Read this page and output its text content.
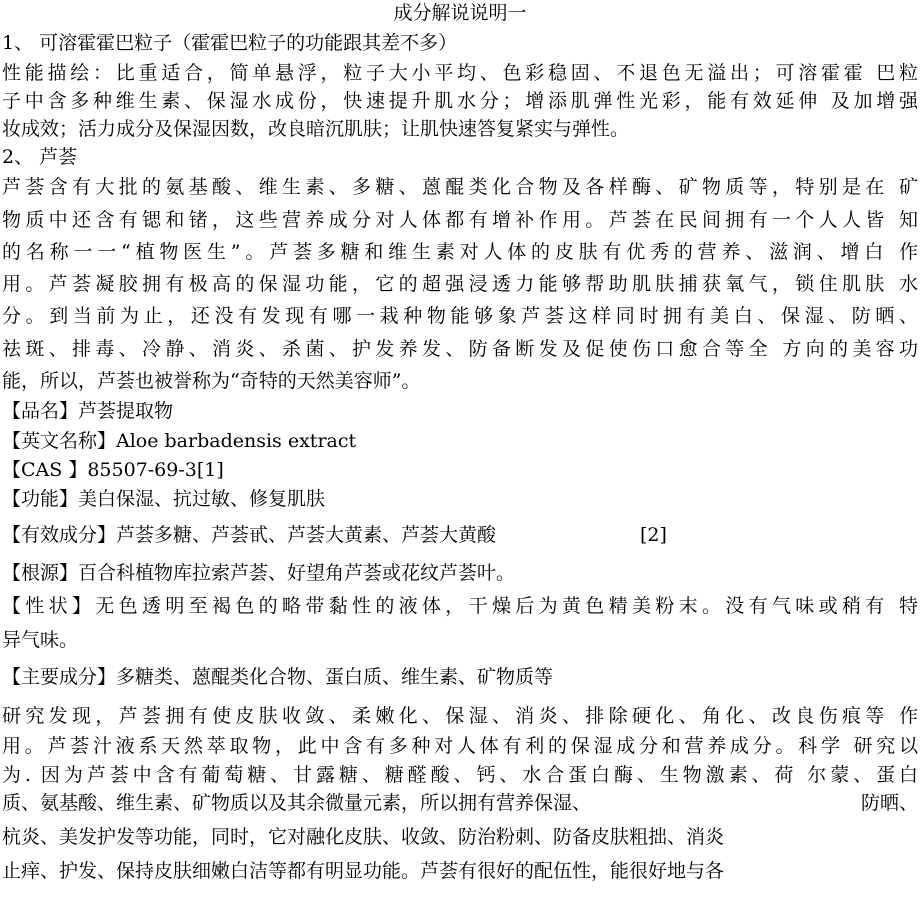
成分解说说明一
1、 可溶霍霍巴粒子（霍霍巴粒子的功能跟其差不多）
性能描绘：比重适合，简单悬浮，粒子大小平均、色彩稳固、不退色无溢出；可溶霍霍 巴粒
子中含多种维生素、保湿水成份，快速提升肌水分；增添肌弹性光彩，能有效延伸 及加增强
妆成效；活力成分及保湿因数，改良暗沉肌肤；让肌快速答复紧实与弹性。
2、 芦荟
芦荟含有大批的氨基酸、维生素、多糖、蒽醌类化合物及各样酶、矿物质等，特别是在 矿
物质中还含有锶和锗，这些营养成分对人体都有增补作用。芦荟在民间拥有一个人人皆 知
的名称一一“植物医生”。芦荟多糖和维生素对人体的皮肤有优秀的营养、滋润、增白 作
用。芦荟凝胶拥有极高的保湿功能，它的超强浸透力能够帮助肌肤捕获氧气，锁住肌肤 水
分。到当前为止，还没有发现有哪一栽种物能够象芦荟这样同时拥有美白、保湿、防晒、
祛斑、排毒、冷静、消炎、杀菌、护发养发、防备断发及促使伤口愈合等全 方向的美容功
能，所以，芦荟也被誉称为“奇特的天然美容师”。
【品名】芦荟提取物
【英文名称】Aloe barbadensis extract
【CAS 】85507-69-3[1]
【功能】美白保湿、抗过敏、修复肌肤
【有效成分】芦荟多糖、芦荟甙、芦荟大黄素、芦荟大黄酸	[2]
【根源】百合科植物库拉索芦荟、好望角芦荟或花纹芦荟叶。
【性状】无色透明至褐色的略带黏性的液体，干燥后为黄色精美粉末。没有气味或稍有 特
异气味。
【主要成分】多糖类、蒽醌类化合物、蛋白质、维生素、矿物质等
研究发现，芦荟拥有使皮肤收敛、柔嫩化、保湿、消炎、排除硬化、角化、改良伤痕等 作
用。芦荟汁液系天然萃取物，此中含有多种对人体有利的保湿成分和营养成分。科学 研究以
为. 因为芦荟中含有葡萄糖、甘露糖、糖醛酸、钙、水合蛋白酶、生物激素、荷 尔蒙、蛋白
质、氨基酸、维生素、矿物质以及其余微量元素，所以拥有营养保湿、	防晒、
杭炎、美发护发等功能，同时，它对融化皮肤、收敛、防治粉刺、防备皮肤粗拙、消炎
止痒、护发、保持皮肤细嫩白洁等都有明显功能。芦荟有很好的配伍性，能很好地与各
